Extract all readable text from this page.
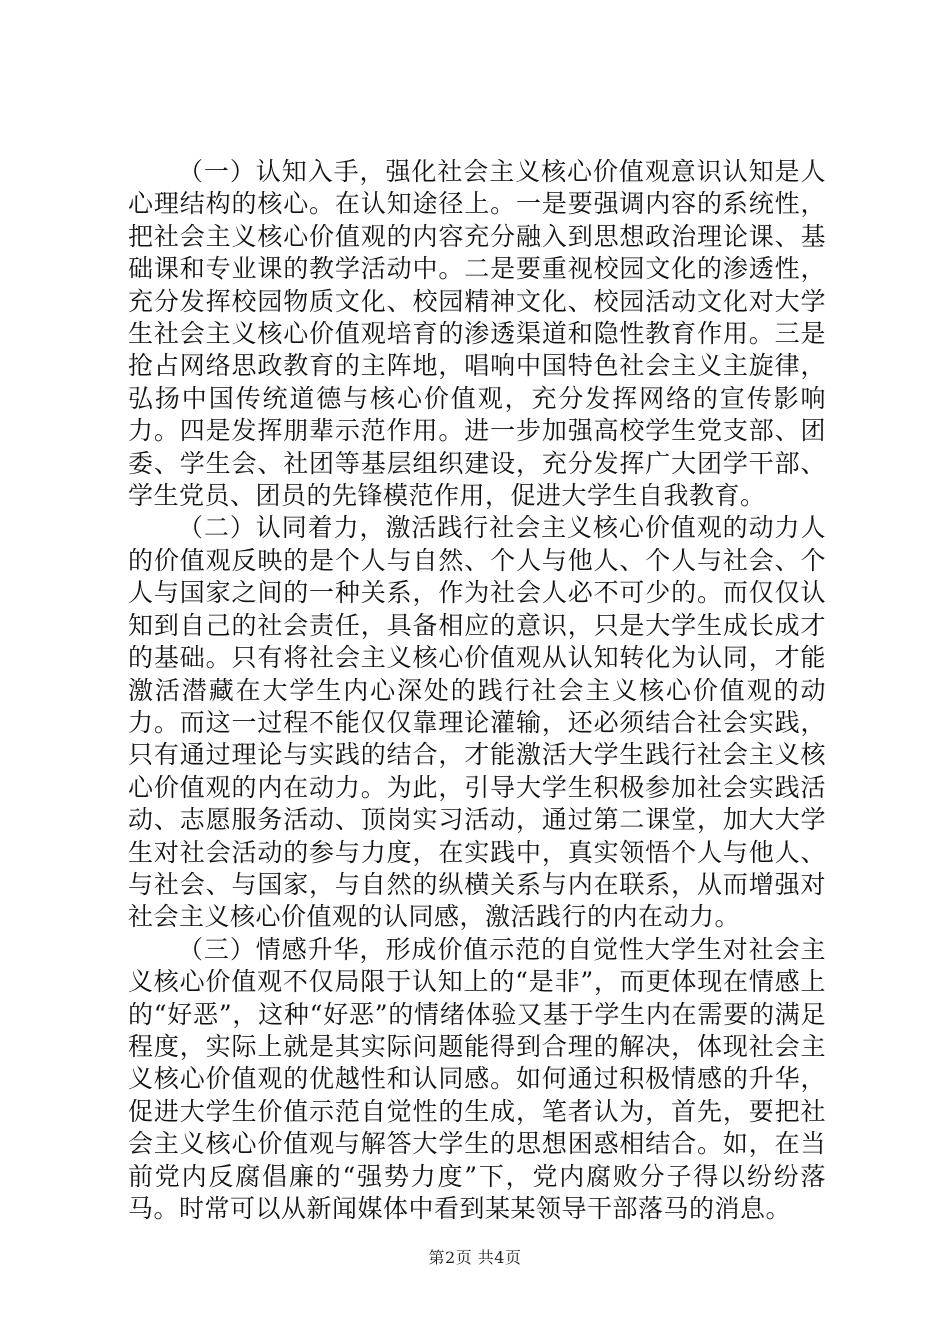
（一）认知入手，强化社会主义核心价值观意识认知是人心理结构的核心。在认知途径上。一是要强调内容的系统性，把社会主义核心价值观的内容充分融入到思想政治理论课、基础课和专业课的教学活动中。二是要重视校园文化的渗透性，充分发挥校园物质文化、校园精神文化、校园活动文化对大学生社会主义核心价值观培育的渗透渠道和隐性教育作用。三是抢占网络思政教育的主阵地，唱响中国特色社会主义主旋律，弘扬中国传统道德与核心价值观，充分发挥网络的宣传影响力。四是发挥朋辈示范作用。进一步加强高校学生党支部、团委、学生会、社团等基层组织建设，充分发挥广大团学干部、学生党员、团员的先锋模范作用，促进大学生自我教育。

（二）认同着力，激活践行社会主义核心价值观的动力人的价值观反映的是个人与自然、个人与他人、个人与社会、个人与国家之间的一种关系，作为社会人必不可少的。而仅仅认知到自己的社会责任，具备相应的意识，只是大学生成长成才的基础。只有将社会主义核心价值观从认知转化为认同，才能激活潜藏在大学生内心深处的践行社会主义核心价值观的动力。而这一过程不能仅仅靠理论灌输，还必须结合社会实践，只有通过理论与实践的结合，才能激活大学生践行社会主义核心价值观的内在动力。为此，引导大学生积极参加社会实践活动、志愿服务活动、顶岗实习活动，通过第二课堂，加大大学生对社会活动的参与力度，在实践中，真实领悟个人与他人、与社会、与国家，与自然的纵横关系与内在联系，从而增强对社会主义核心价值观的认同感，激活践行的内在动力。

（三）情感升华，形成价值示范的自觉性大学生对社会主义核心价值观不仅局限于认知上的“是非”，而更体现在情感上的“好恶”，这种“好恶”的情绪体验又基于学生内在需要的满足程度，实际上就是其实际问题能得到合理的解决，体现社会主义核心价值观的优越性和认同感。如何通过积极情感的升华，促进大学生价值示范自觉性的生成，笔者认为，首先，要把社会主义核心价值观与解答大学生的思想困惑相结合。如，在当前党内反腐倡廉的“强势力度”下，党内腐败分子得以纷纷落马。时常可以从新闻媒体中看到某某领导干部落马的消息。

第2页 共4页
